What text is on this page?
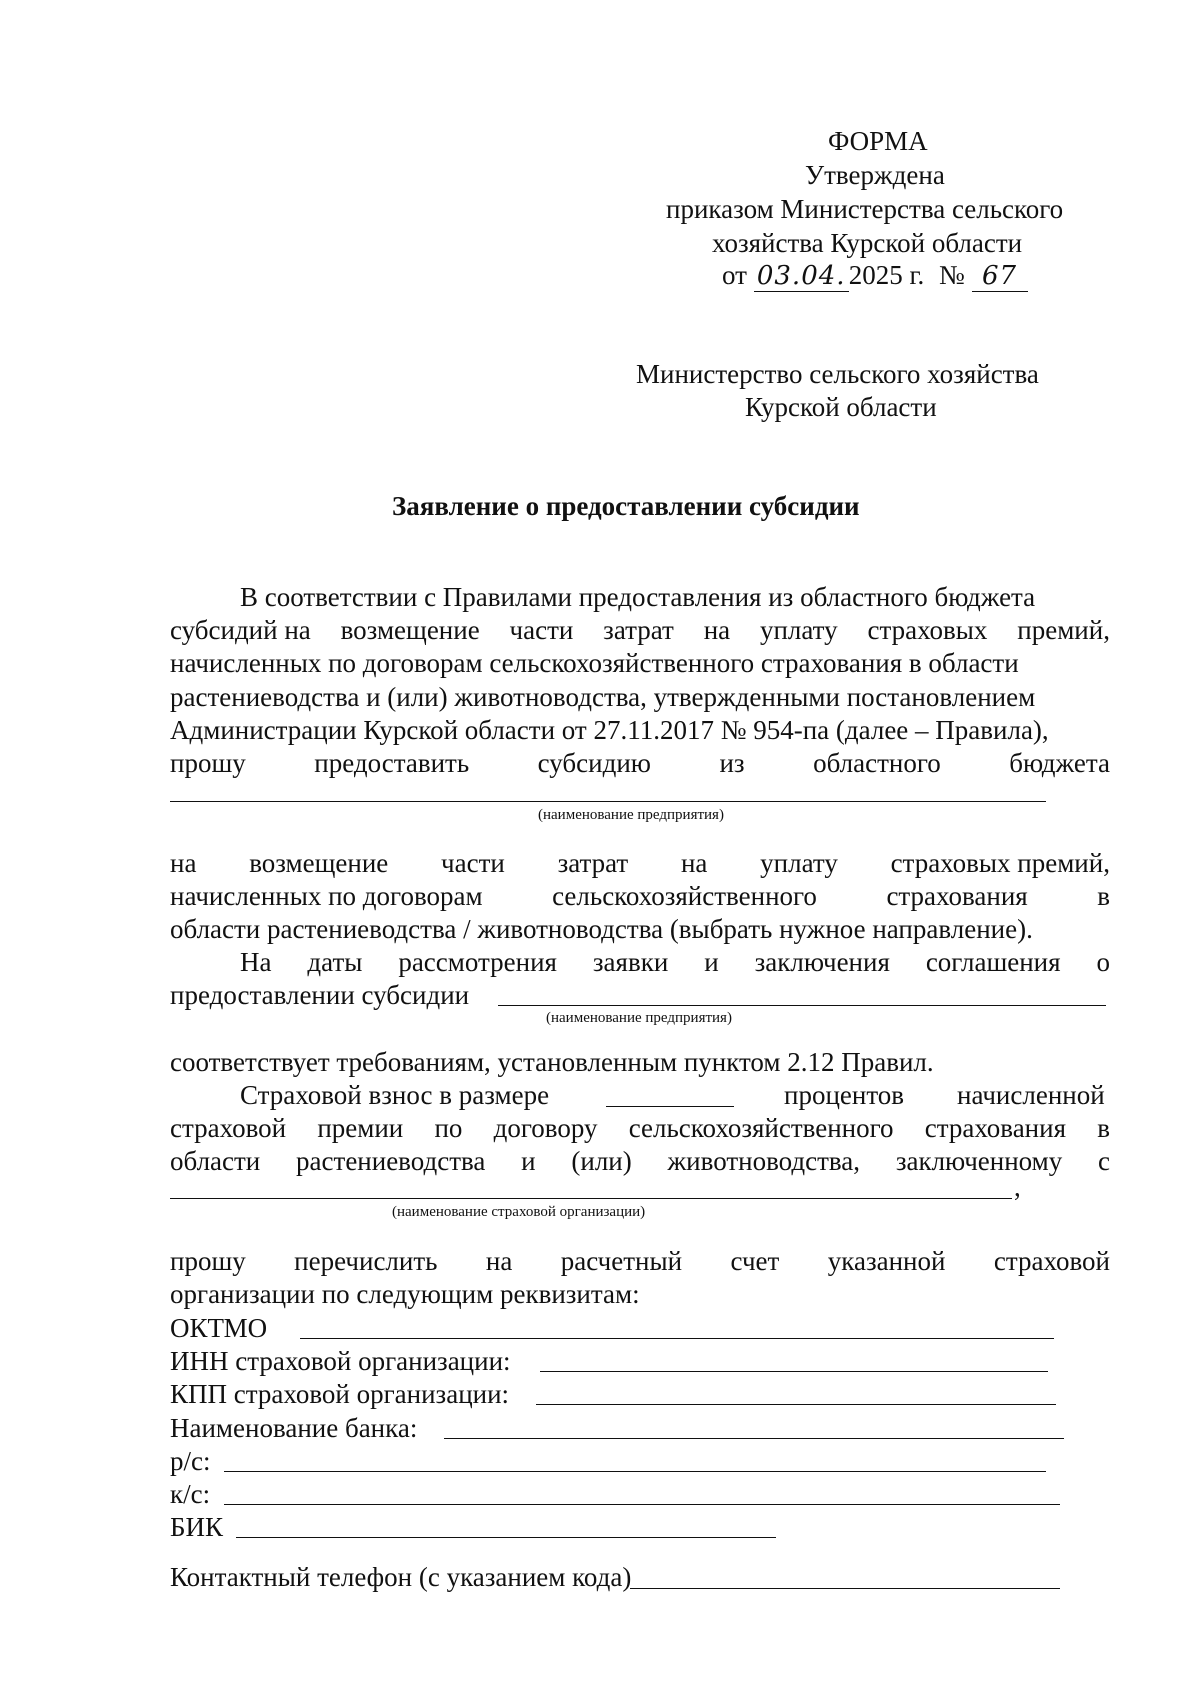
ФОРМА
Утверждена
приказом Министерства сельского
хозяйства Курской области
от 03.04. 2025 г. № 67
Министерство сельского хозяйства
Курской области
Заявление о предоставлении субсидии
В соответствии с Правилами предоставления из областного бюджета
субсидий на возмещение части затрат на уплату страховых премий,
начисленных по договорам сельскохозяйственного страхования в области
растениеводства и (или) животноводства, утвержденными постановлением
Администрации Курской области от 27.11.2017 № 954-па (далее – Правила),
прошу	предоставить	субсидию	из	областного	бюджета
(наименование предприятия)
на возмещение части затрат на уплату страховых премий,
начисленных по договорам	сельскохозяйственного	страхования	в
области растениеводства / животноводства (выбрать нужное направление).
На даты рассмотрения заявки и заключения соглашения о
предоставлении субсидии
(наименование предприятия)
соответствует требованиям, установленным пунктом 2.12 Правил.
Страховой взнос в размере	процентов начисленной
страховой премии по договору сельскохозяйственного страхования в
области растениеводства и (или) животноводства, заключенному с
,
(наименование страховой организации)
прошу перечислить на расчетный счет указанной страховой
организации по следующим реквизитам:
ОКТМО
ИНН страховой организации:
КПП страховой организации:
Наименование банка:
р/с:
к/с:
БИК
Контактный телефон (с указанием кода)
